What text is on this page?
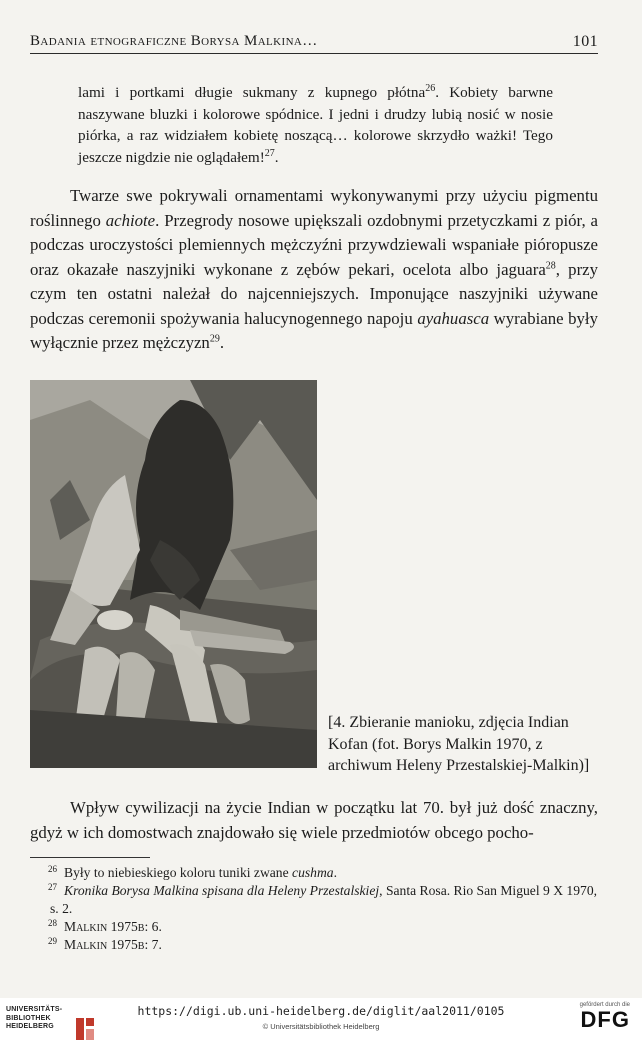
Badania etnograficzne Borysa Malkina…	101
lami i portkami długie sukmany z kupnego płótna$^{26}$. Kobiety barwne naszywane bluzki i kolorowe spódnice. I jedni i drudzy lubią nosić w nosie piórka, a raz widziałem kobietę noszącą… kolorowe skrzydło ważki! Tego jeszcze nigdzie nie oglądałem!$^{27}$.
Twarze swe pokrywali ornamentami wykonywanymi przy użyciu pigmentu roślinnego achiote. Przegrody nosowe upiększali ozdobnymi przetyczkami z piór, a podczas uroczystości plemiennych mężczyźni przywdziewali wspaniałe pióropusze oraz okazałe naszyjniki wykonane z zębów pekari, ocelota albo jaguara$^{28}$, przy czym ten ostatni należał do najcenniejszych. Imponujące naszyjniki używane podczas ceremonii spożywania halucynogennego napoju ayahuasca wyrabiane były wyłącznie przez mężczyzn$^{29}$.
[4. Zbieranie manioku, zdjęcia Indian Kofan (fot. Borys Malkin 1970, z archiwum Heleny Przestalskiej-Malkin)]
Wpływ cywilizacji na życie Indian w początku lat 70. był już dość znaczny, gdyż w ich domostwach znajdowało się wiele przedmiotów obcego pocho-
26 Były to niebieskiego koloru tuniki zwane cushma.
27 Kronika Borysa Malkina spisana dla Heleny Przestalskiej, Santa Rosa. Rio San Miguel 9 X 1970, s. 2.
28 Malkin 1975b: 6.
29 Malkin 1975b: 7.
UNIVERSITÄTS-
BIBLIOTHEK
HEIDELBERG
https://digi.ub.uni-heidelberg.de/diglit/aal2011/0105
© Universitätsbibliothek Heidelberg
gefördert durch die
DFG
